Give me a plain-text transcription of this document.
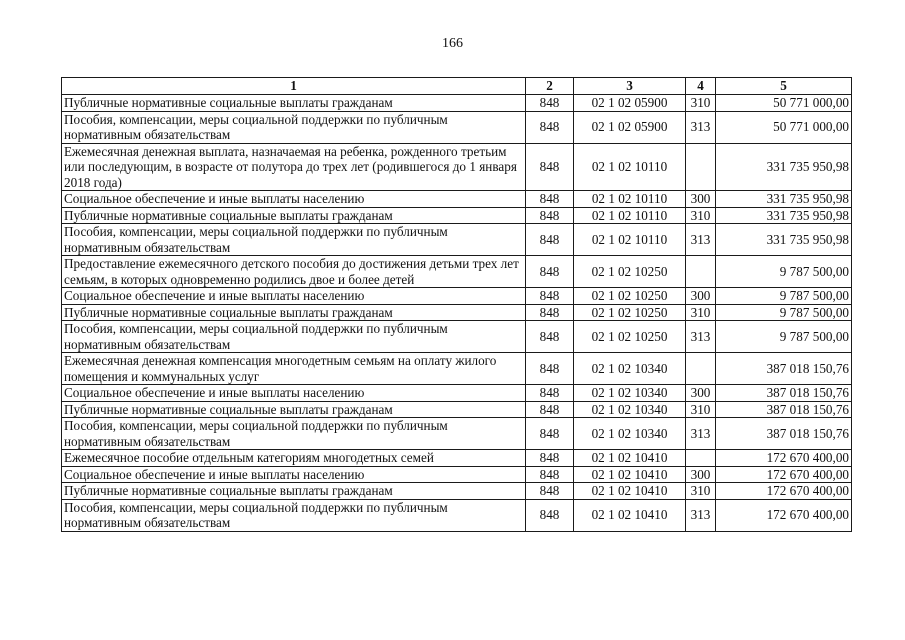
166
1	2	3	4	5
Публичные нормативные социальные выплаты гражданам	848	02 1 02 05900	310	50 771 000,00
Пособия, компенсации, меры социальной поддержки по публичным нормативным обязательствам	848	02 1 02 05900	313	50 771 000,00
Ежемесячная денежная выплата, назначаемая на ребенка, рожденного третьим или последующим, в возрасте от полутора до трех лет (родившегося до 1 января 2018 года)	848	02 1 02 10110		331 735 950,98
Социальное обеспечение и иные выплаты населению	848	02 1 02 10110	300	331 735 950,98
Публичные нормативные социальные выплаты гражданам	848	02 1 02 10110	310	331 735 950,98
Пособия, компенсации, меры социальной поддержки по публичным нормативным обязательствам	848	02 1 02 10110	313	331 735 950,98
Предоставление ежемесячного детского пособия до достижения детьми трех лет семьям, в которых одновременно родились двое и более детей	848	02 1 02 10250		9 787 500,00
Социальное обеспечение и иные выплаты населению	848	02 1 02 10250	300	9 787 500,00
Публичные нормативные социальные выплаты гражданам	848	02 1 02 10250	310	9 787 500,00
Пособия, компенсации, меры социальной поддержки по публичным нормативным обязательствам	848	02 1 02 10250	313	9 787 500,00
Ежемесячная денежная компенсация многодетным семьям на оплату жилого помещения и коммунальных услуг	848	02 1 02 10340		387 018 150,76
Социальное обеспечение и иные выплаты населению	848	02 1 02 10340	300	387 018 150,76
Публичные нормативные социальные выплаты гражданам	848	02 1 02 10340	310	387 018 150,76
Пособия, компенсации, меры социальной поддержки по публичным нормативным обязательствам	848	02 1 02 10340	313	387 018 150,76
Ежемесячное пособие отдельным категориям многодетных семей	848	02 1 02 10410		172 670 400,00
Социальное обеспечение и иные выплаты населению	848	02 1 02 10410	300	172 670 400,00
Публичные нормативные социальные выплаты гражданам	848	02 1 02 10410	310	172 670 400,00
Пособия, компенсации, меры социальной поддержки по публичным нормативным обязательствам	848	02 1 02 10410	313	172 670 400,00
